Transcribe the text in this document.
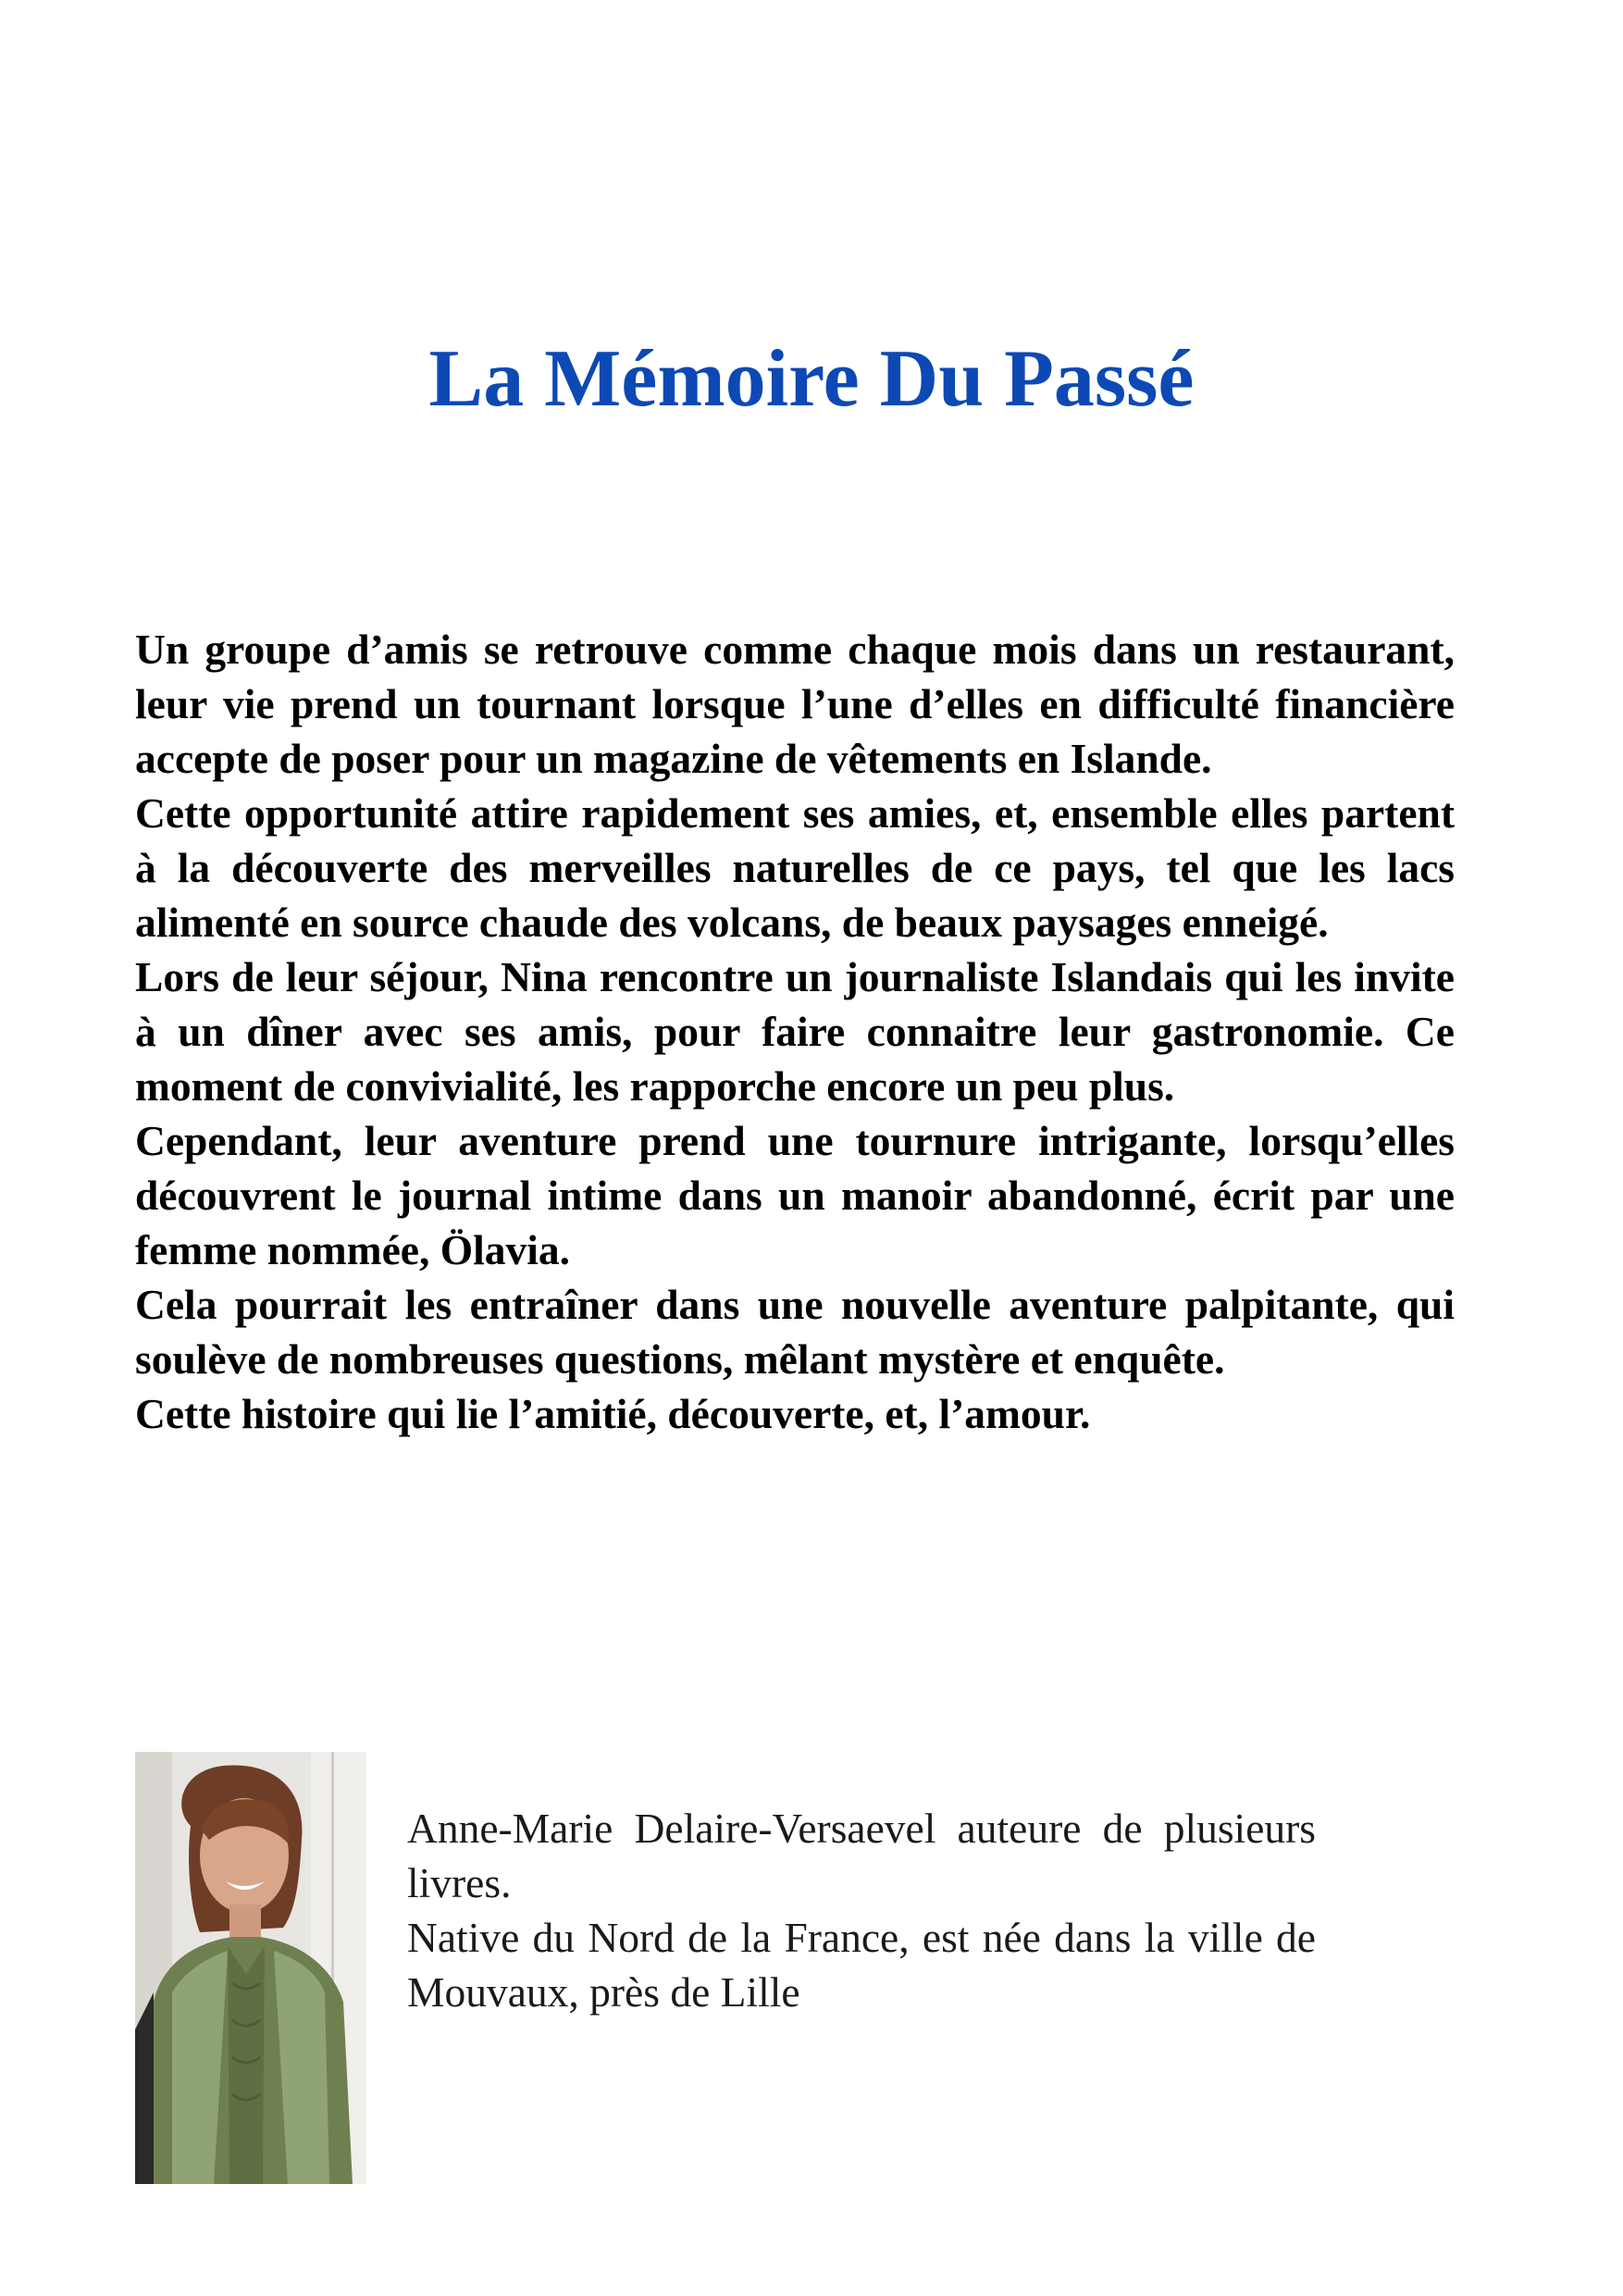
La Mémoire Du Passé

Un groupe d’amis se retrouve comme chaque mois dans un restaurant, leur vie prend un tournant lorsque l’une d’elles en difficulté financière accepte de poser pour un magazine de vêtements en Islande.

Cette opportunité attire rapidement ses amies, et, ensemble elles partent à la découverte des merveilles naturelles de ce pays, tel que les lacs alimenté en source chaude des volcans, de beaux paysages enneigé.

Lors de leur séjour, Nina rencontre un journaliste Islandais qui les invite à un dîner avec ses amis, pour faire connaitre leur gastronomie. Ce moment de convivialité, les rapporche encore un peu plus.

Cependant, leur aventure prend une tournure intrigante, lorsqu’elles découvrent le journal intime dans un manoir abandonné, écrit par une femme nommée, Ölavia.

Cela pourrait les entraîner dans une nouvelle aventure palpitante, qui soulève de nombreuses questions, mêlant mystère et enquête.

Cette histoire qui lie l’amitié, découverte, et, l’amour.

Anne-Marie Delaire-Versaevel auteure de plusieurs livres.

Native du Nord de la France, est née dans la ville de Mouvaux, près de Lille
